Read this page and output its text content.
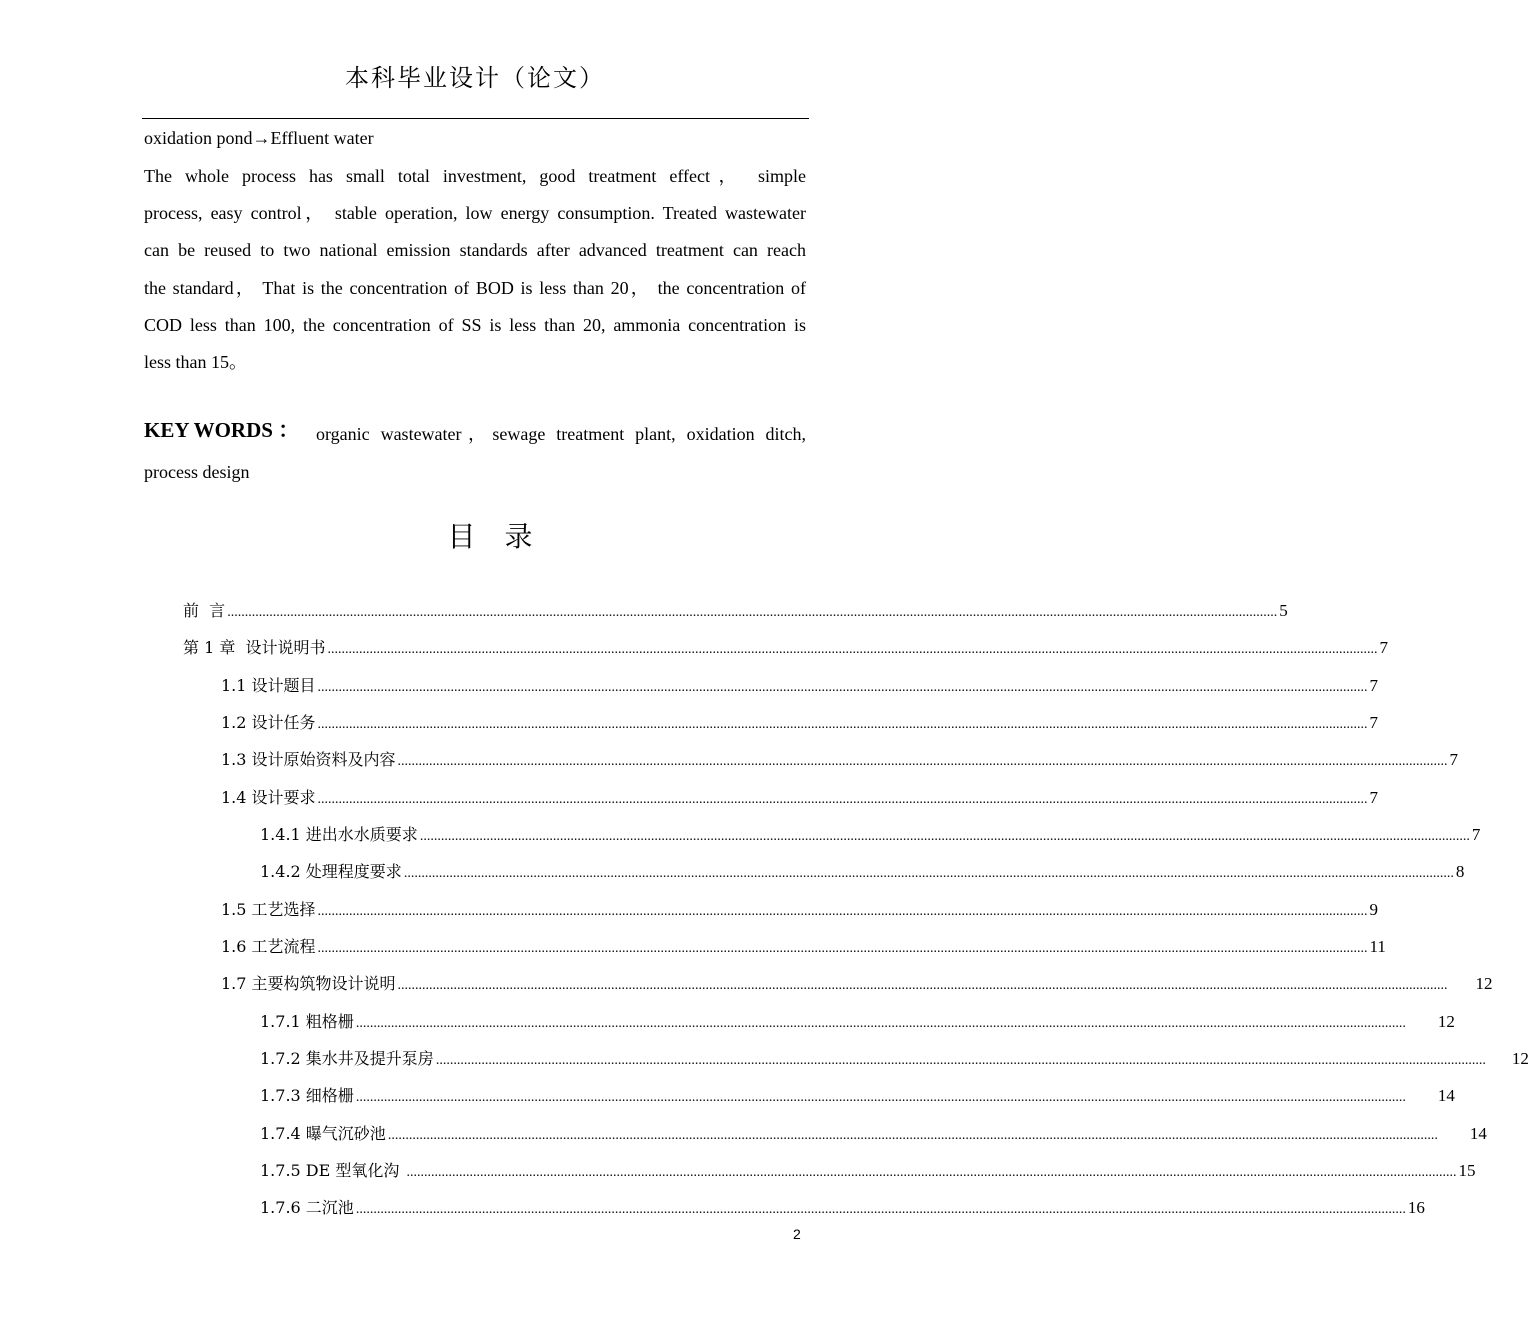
本科毕业设计（论文）
oxidation pond→Effluent water
The whole process has small total investment, good treatment effect， simple
process, easy control， stable operation, low energy consumption. Treated wastewater
can be reused to two national emission standards after advanced treatment can reach
the standard， That is the concentration of BOD is less than 20， the concentration of
COD less than 100, the concentration of SS is less than 20, ammonia concentration is
less than 15。
KEY WORDS ： organic wastewater，sewage treatment plant, oxidation ditch,
process design
目 录
前  言 ............................................................................................................................................................................................................................................................................................................ 5
第 1 章  设计说明书 ............................................................................................................................................................................................................................................................................................................ 7
1.1 设计题目 ............................................................................................................................................................................................................................................................................................................ 7
1.2 设计任务 ............................................................................................................................................................................................................................................................................................................ 7
1.3 设计原始资料及内容 ............................................................................................................................................................................................................................................................................................................ 7
1.4 设计要求 ............................................................................................................................................................................................................................................................................................................ 7
1.4.1 进出水水质要求 ............................................................................................................................................................................................................................................................................................................ 7
1.4.2 处理程度要求 ............................................................................................................................................................................................................................................................................................................ 8
1.5 工艺选择 ............................................................................................................................................................................................................................................................................................................ 9
1.6 工艺流程 ............................................................................................................................................................................................................................................................................................................ 11
1.7 主要构筑物设计说明 ............................................................................................................................................................................................................................................................................................................ 12
1.7.1 粗格栅 ............................................................................................................................................................................................................................................................................................................ 12
1.7.2 集水井及提升泵房 ............................................................................................................................................................................................................................................................................................................ 12
1.7.3 细格栅 ............................................................................................................................................................................................................................................................................................................ 14
1.7.4 曝气沉砂池 ............................................................................................................................................................................................................................................................................................................ 14
1.7.5 DE 型氧化沟 ............................................................................................................................................................................................................................................................................................................ 15
1.7.6 二沉池 ............................................................................................................................................................................................................................................................................................................ 16
2
